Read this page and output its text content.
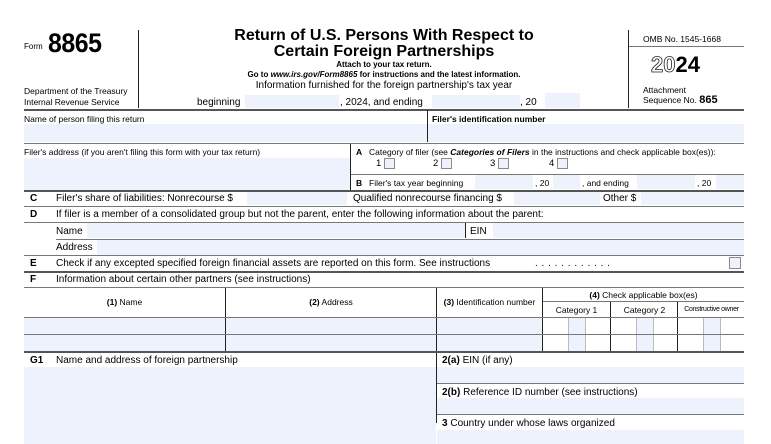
Form 8865
Department of the Treasury
Internal Revenue Service
Return of U.S. Persons With Respect to
Certain Foreign Partnerships
Attach to your tax return.
Go to www.irs.gov/Form8865 for instructions and the latest information.
Information furnished for the foreign partnership's tax year
beginning	, 2024, and ending	, 20
OMB No. 1545-1668
2024
Attachment
Sequence No. 865
Name of person filing this return	Filer's identification number
Filer's address (if you aren't filing this form with your tax return)	A Category of filer (see Categories of Filers in the instructions and check applicable box(es)):
1	2	3	4
B Filer's tax year beginning	, 20	, and ending	, 20
C Filer's share of liabilities: Nonrecourse $	Qualified nonrecourse financing $	Other $
D If filer is a member of a consolidated group but not the parent, enter the following information about the parent:
Name	EIN
Address
E Check if any excepted specified foreign financial assets are reported on this form. See instructions	. . . . . . . . . . . .
F Information about certain other partners (see instructions)
(1) Name	(2) Address	(3) Identification number
(4) Check applicable box(es)
Category 1	Category 2	Constructive owner
G1 Name and address of foreign partnership	2(a) EIN (if any)
2(b) Reference ID number (see instructions)
3 Country under whose laws organized
